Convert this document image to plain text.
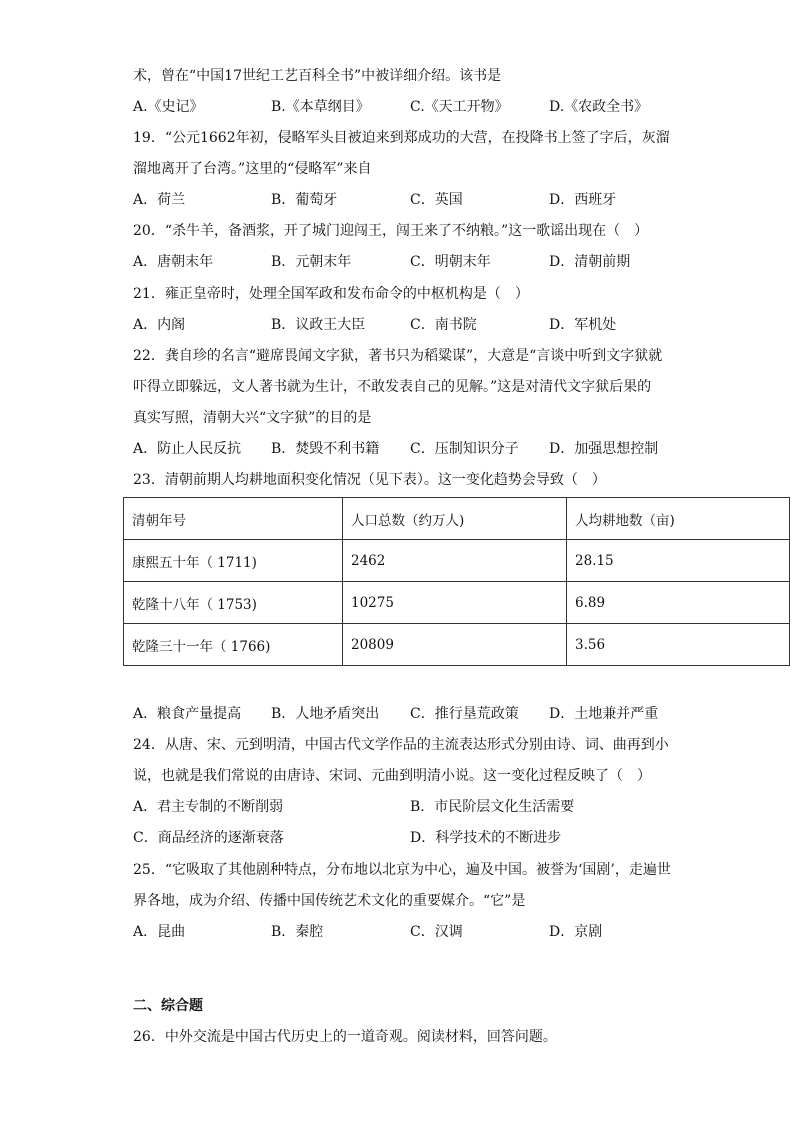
术，曾在“中国17世纪工艺百科全书”中被详细介绍。该书是
A.《史记》	B.《本草纲目》	C.《天工开物》	D.《农政全书》
19．“公元1662年初，侵略军头目被迫来到郑成功的大营，在投降书上签了字后，灰溜
溜地离开了台湾。”这里的“侵略军”来自
A．荷兰	B．葡萄牙	C．英国	D．西班牙
20．“杀牛羊，备酒浆，开了城门迎闯王，闯王来了不纳粮。”这一歌谣出现在（　）
A．唐朝末年	B．元朝末年	C．明朝末年	D．清朝前期
21．雍正皇帝时，处理全国军政和发布命令的中枢机构是（　）
A．内阁	B．议政王大臣	C．南书院	D．军机处
22．龚自珍的名言“避席畏闻文字狱，著书只为稻粱谋”，大意是“言谈中听到文字狱就
吓得立即躲远，文人著书就为生计，不敢发表自己的见解。”这是对清代文字狱后果的
真实写照，清朝大兴“文字狱”的目的是
A．防止人民反抗 B．焚毁不利书籍 C．压制知识分子 D．加强思想控制
23．清朝前期人均耕地面积变化情况（见下表）。这一变化趋势会导致（　）
清朝年号	人口总数（约万人)	人均耕地数（亩)
康熙五十年（ 1711)	2462	28.15
乾隆十八年（ 1753)	10275	6.89
乾隆三十一年（ 1766)	20809	3.56
A．粮食产量提高 B．人地矛盾突出 C．推行垦荒政策 D．土地兼并严重
24．从唐、宋、元到明清，中国古代文学作品的主流表达形式分别由诗、词、曲再到小
说，也就是我们常说的由唐诗、宋词、元曲到明清小说。这一变化过程反映了（　）
A．君主专制的不断削弱	B．市民阶层文化生活需要
C．商品经济的逐渐衰落	D．科学技术的不断进步
25．“它吸取了其他剧种特点，分布地以北京为中心，遍及中国。被誉为‘国剧’，走遍世
界各地，成为介绍、传播中国传统艺术文化的重要媒介。“它”是
A．昆曲	B．秦腔	C．汉调	D．京剧
二、综合题
26．中外交流是中国古代历史上的一道奇观。阅读材料，回答问题。
